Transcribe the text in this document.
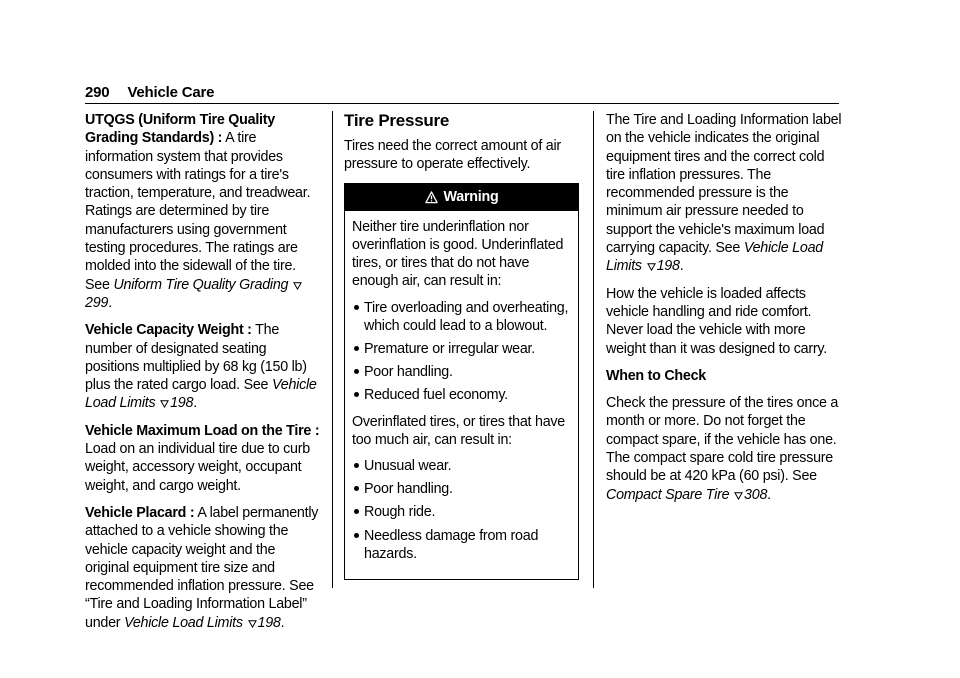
290 Vehicle Care

UTQGS (Uniform Tire Quality Grading Standards) : A tire information system that provides consumers with ratings for a tire's traction, temperature, and treadwear. Ratings are determined by tire manufacturers using government testing procedures. The ratings are molded into the sidewall of the tire. See Uniform Tire Quality Grading 299.

Vehicle Capacity Weight : The number of designated seating positions multiplied by 68 kg (150 lb) plus the rated cargo load. See Vehicle Load Limits 198.

Vehicle Maximum Load on the Tire : Load on an individual tire due to curb weight, accessory weight, occupant weight, and cargo weight.

Vehicle Placard : A label permanently attached to a vehicle showing the vehicle capacity weight and the original equipment tire size and recommended inflation pressure. See “Tire and Loading Information Label” under Vehicle Load Limits 198.

Tire Pressure

Tires need the correct amount of air pressure to operate effectively.

Warning

Neither tire underinflation nor overinflation is good. Underinflated tires, or tires that do not have enough air, can result in:

Tire overloading and overheating, which could lead to a blowout.
Premature or irregular wear.
Poor handling.
Reduced fuel economy.

Overinflated tires, or tires that have too much air, can result in:

Unusual wear.
Poor handling.
Rough ride.
Needless damage from road hazards.

The Tire and Loading Information label on the vehicle indicates the original equipment tires and the correct cold tire inflation pressures. The recommended pressure is the minimum air pressure needed to support the vehicle's maximum load carrying capacity. See Vehicle Load Limits 198.

How the vehicle is loaded affects vehicle handling and ride comfort. Never load the vehicle with more weight than it was designed to carry.

When to Check

Check the pressure of the tires once a month or more. Do not forget the compact spare, if the vehicle has one. The compact spare cold tire pressure should be at 420 kPa (60 psi). See Compact Spare Tire 308.
